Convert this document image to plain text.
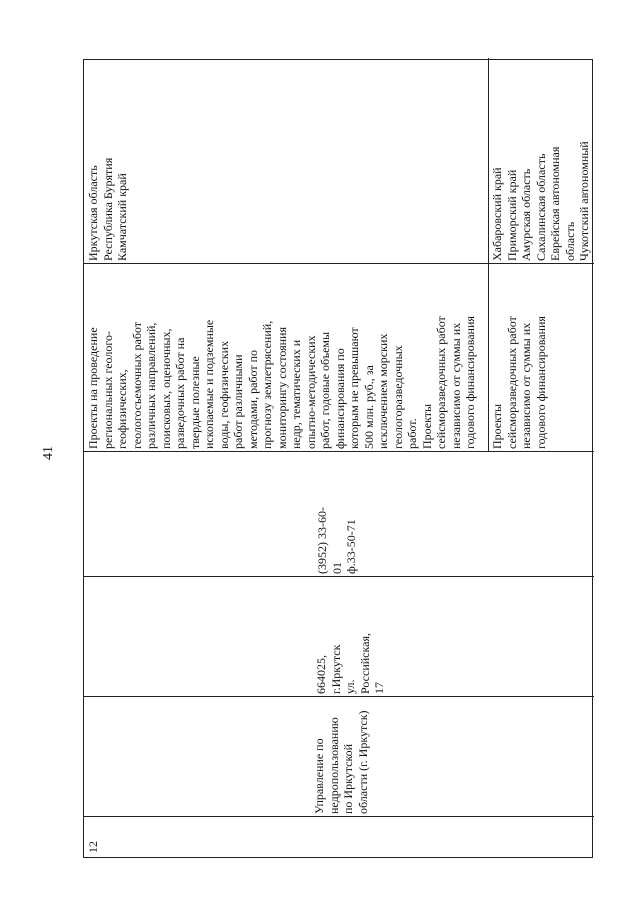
41
12
Управление по
недропользованию
по Иркутской
области (г. Иркутск)
664025,
г.Иркутск
ул.
Российская,
17
(3952) 33-60-
01
ф.33-50-71
Проекты на проведение
региональных геолого-
геофизических,
геологосъемочных работ
различных направлений,
поисковых, оценочных,
разведочных работ на
твердые полезные
ископаемые и подземные
воды, геофизических
работ различными
методами, работ по
прогнозу землетрясений,
мониторингу состояния
недр, тематических и
опытно-методических
работ, годовые объемы
финансирования по
которым не превышают
500 млн. руб., за
исключением морских
геологоразведочных
работ.
Проекты
сейсморазведочных работ
независимо от суммы их
годового финансирования
Проекты
сейсморазведочных работ
независимо от суммы их
годового финансирования
Иркутская область
Республика Бурятия
Камчатский край
Хабаровский край
Приморский край
Амурская область
Сахалинская область
Еврейская автономная
область
Чукотский автономный
